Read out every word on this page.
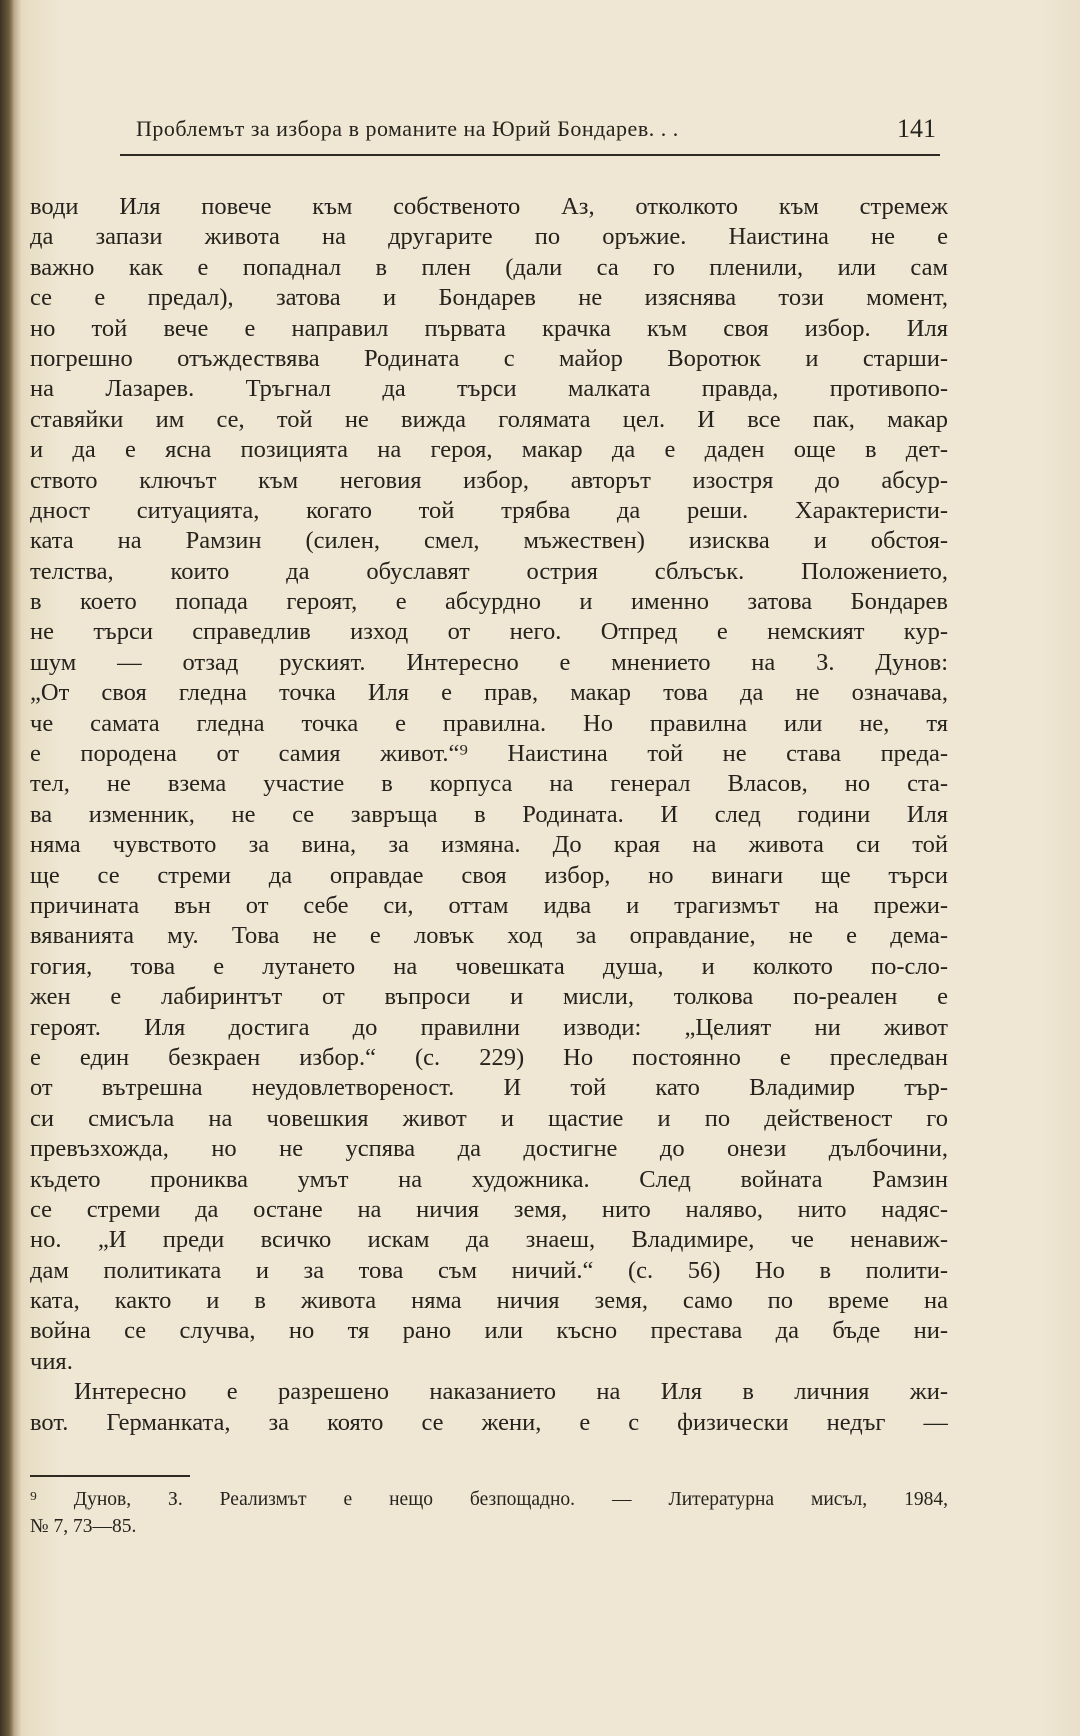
Проблемът за избора в романите на Юрий Бондарев. . .	141
води Иля повече към собственото Аз, отколкото към стремеж
да запази живота на другарите по оръжие. Наистина не е
важно как е попаднал в плен (дали са го пленили, или сам
се е предал), затова и Бондарев не изяснява този момент,
но той вече е направил първата крачка към своя избор. Иля
погрешно отъждествява Родината с майор Воротюк и старши-
на Лазарев. Тръгнал да търси малката правда, противопо-
ставяйки им се, той не вижда голямата цел. И все пак, макар
и да е ясна позицията на героя, макар да е даден още в дет-
ството ключът към неговия избор, авторът изостря до абсур-
дност ситуацията, когато той трябва да реши. Характеристи-
ката на Рамзин (силен, смел, мъжествен) изисква и обстоя-
телства, които да обуславят острия сблъсък. Положението,
в което попада героят, е абсурдно и именно затова Бондарев
не търси справедлив изход от него. Отпред е немският кур-
шум — отзад руският. Интересно е мнението на З. Дунов:
„От своя гледна точка Иля е прав, макар това да не означава,
че самата гледна точка е правилна. Но правилна или не, тя
е породена от самия живот.“⁹ Наистина той не става преда-
тел, не взема участие в корпуса на генерал Власов, но ста-
ва изменник, не се завръща в Родината. И след години Иля
няма чувството за вина, за измяна. До края на живота си той
ще се стреми да оправдае своя избор, но винаги ще търси
причината вън от себе си, оттам идва и трагизмът на прежи-
вяванията му. Това не е ловък ход за оправдание, не е дема-
гогия, това е лутането на човешката душа, и колкото по-сло-
жен е лабиринтът от въпроси и мисли, толкова по-реален е
героят. Иля достига до правилни изводи: „Целият ни живот
е един безкраен избор.“ (с. 229) Но постоянно е преследван
от вътрешна неудовлетвореност. И той като Владимир тър-
си смисъла на човешкия живот и щастие и по действеност го
превъзхожда, но не успява да достигне до онези дълбочини,
където прониква умът на художника. След войната Рамзин
се стреми да остане на ничия земя, нито наляво, нито надяс-
но. „И преди всичко искам да знаеш, Владимире, че ненавиж-
дам политиката и за това съм ничий.“ (с. 56) Но в полити-
ката, както и в живота няма ничия земя, само по време на
война се случва, но тя рано или късно престава да бъде ни-
чия.
Интересно е разрешено наказанието на Иля в личния жи-
вот. Германката, за която се жени, е с физически недъг —
⁹ Дунов, З. Реализмът е нещо безпощадно. — Литературна мисъл, 1984,
№ 7, 73—85.
